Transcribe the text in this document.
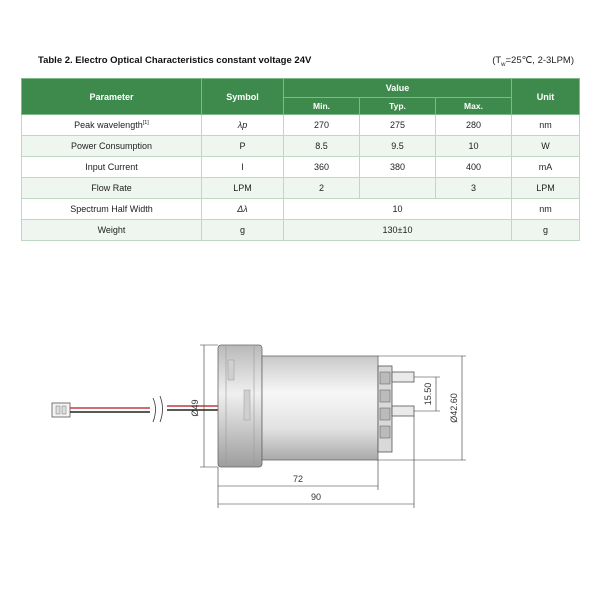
Table 2. Electro Optical Characteristics constant voltage 24V	($T_w=25℃$, 2-3LPM)
Parameter	Symbol	Value			Unit
		Min.	Typ.	Max.	
Peak wavelength[1]	λp	270	275	280	nm
Power Consumption	P	8.5	9.5	10	W
Input Current	I	360	380	400	mA
Flow Rate	LPM	2		3	LPM
Spectrum Half Width	Δλ	10			nm
Weight	g	130±10			g
Ø49
15.50 Ø42.60
72
90
